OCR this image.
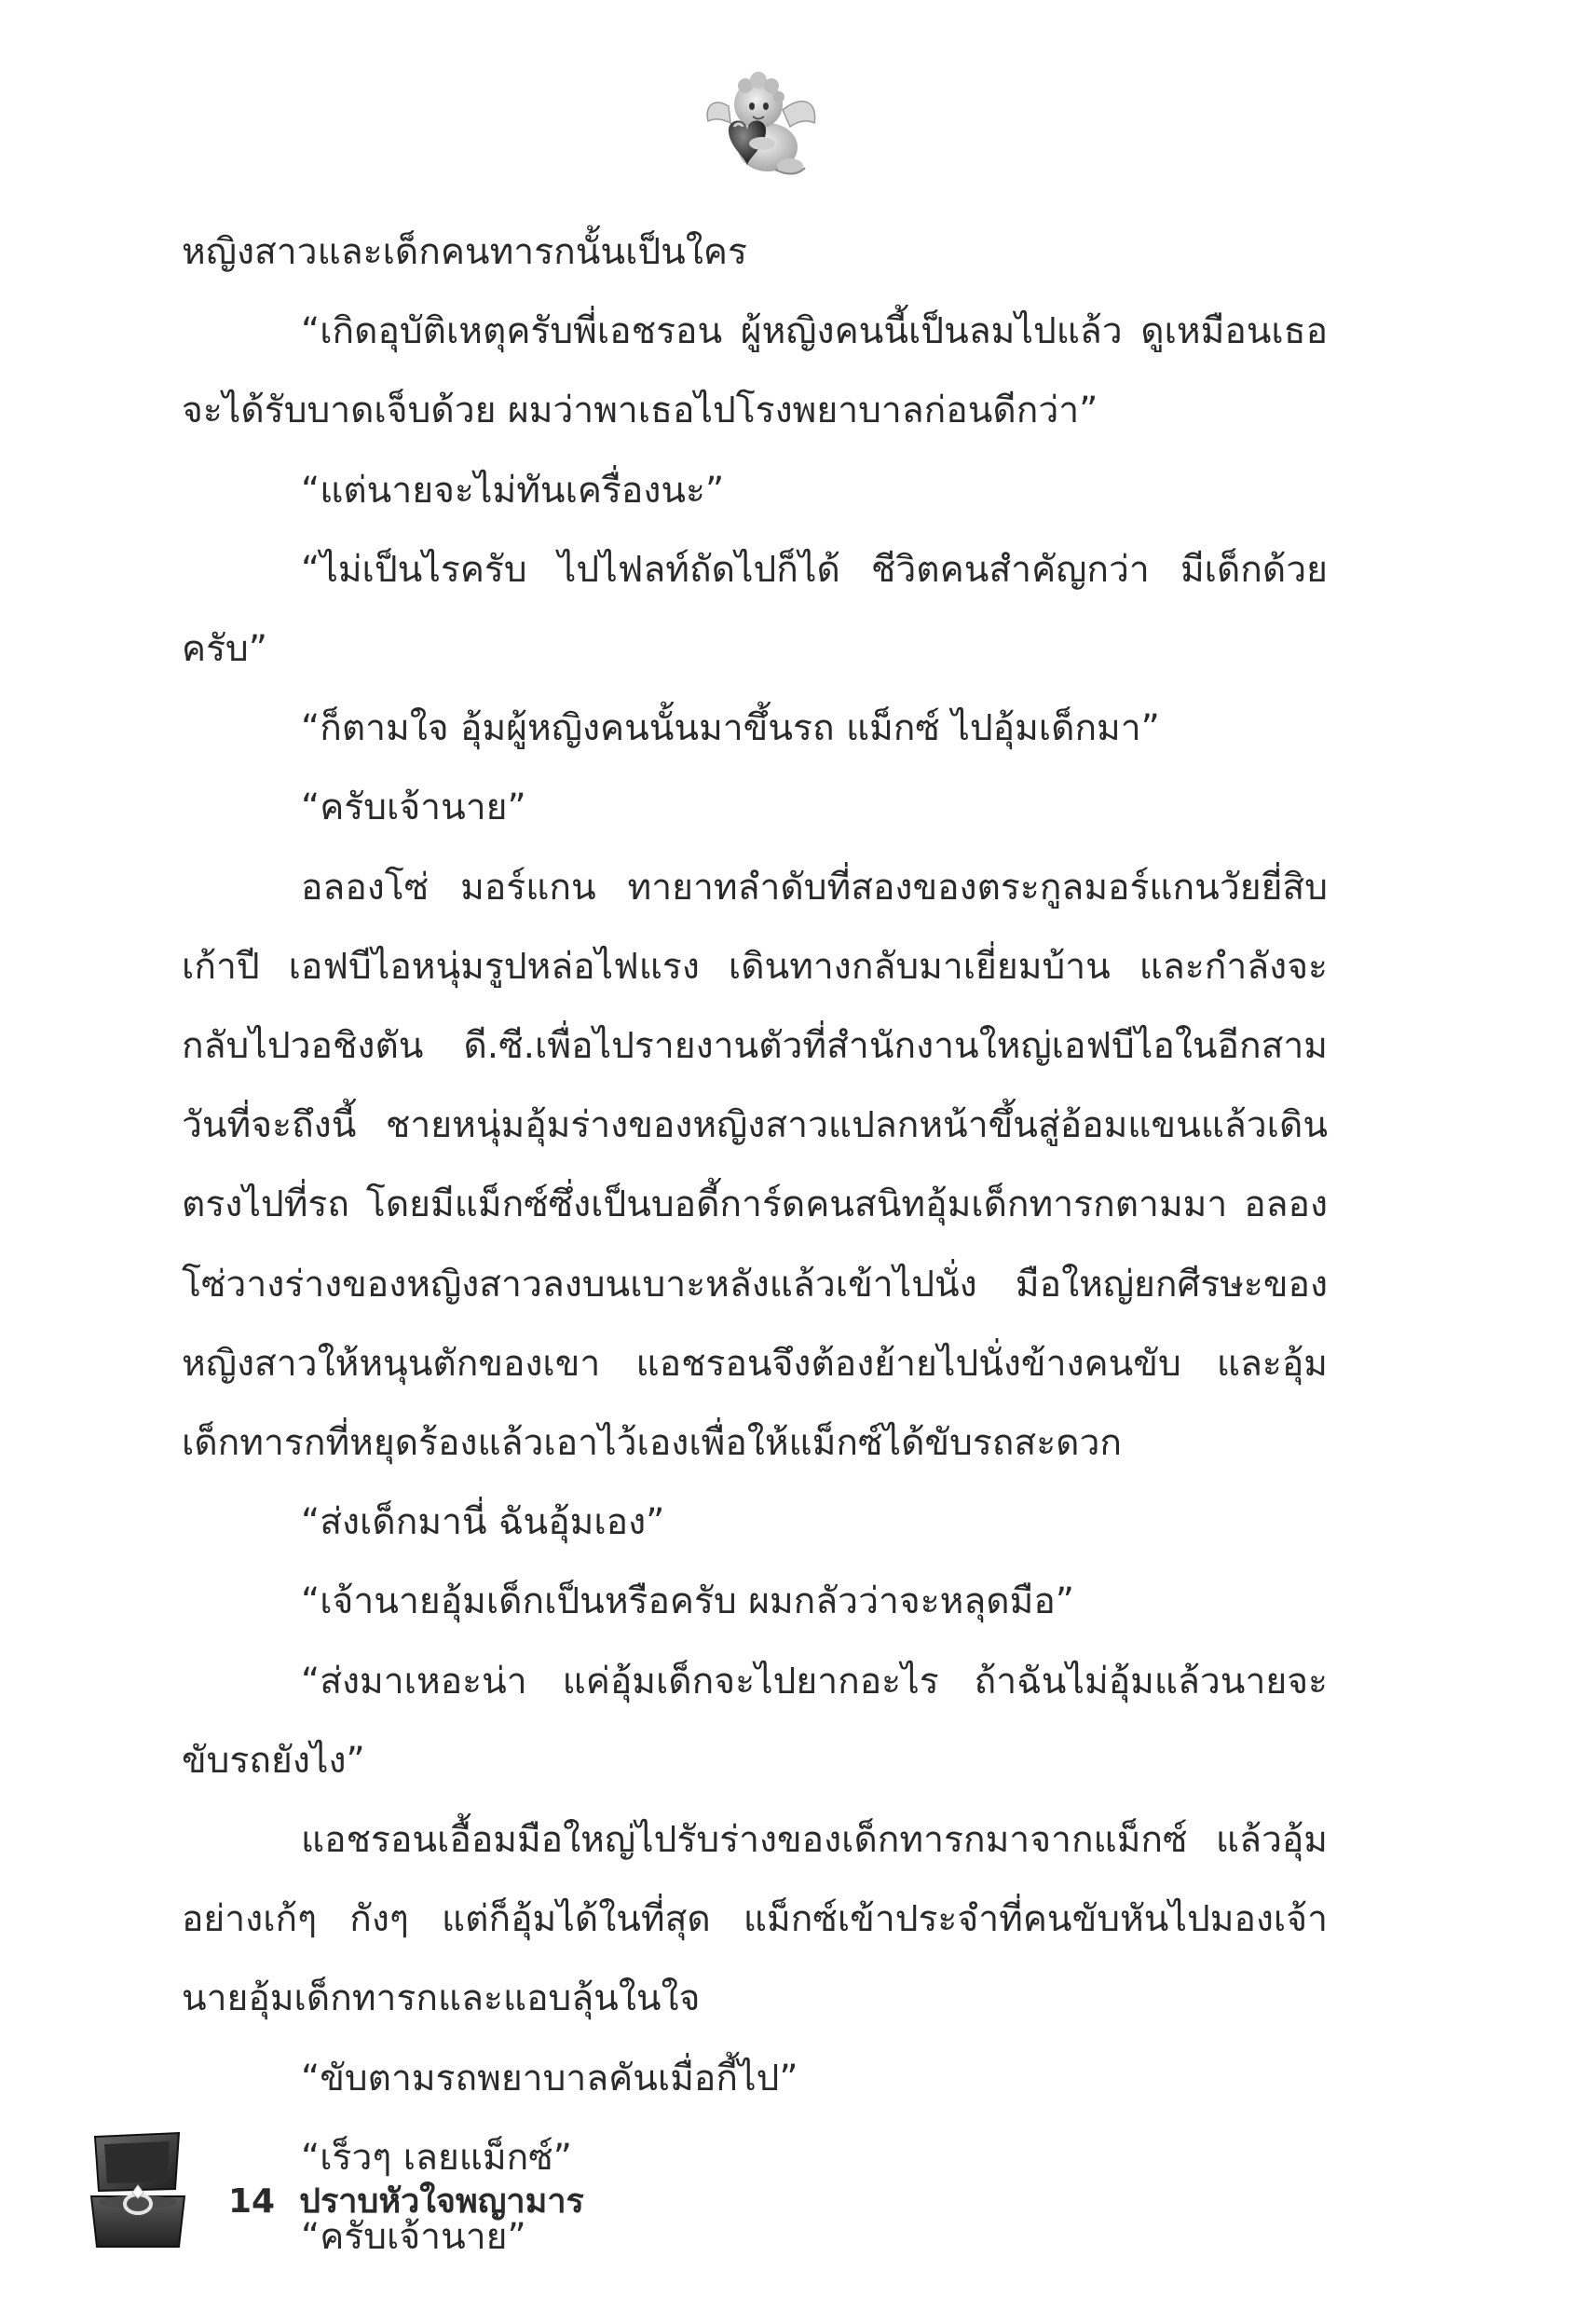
หญิงสาวและเด็กคนทารกนั้นเป็นใคร

“เกิดอุบัติเหตุครับพี่เอชรอน ผู้หญิงคนนี้เป็นลมไปแล้ว ดูเหมือนเธอจะได้รับบาดเจ็บด้วย ผมว่าพาเธอไปโรงพยาบาลก่อนดีกว่า”

“แต่นายจะไม่ทันเครื่องนะ”

“ไม่เป็นไรครับ ไปไฟลท์ถัดไปก็ได้ ชีวิตคนสำคัญกว่า มีเด็กด้วยครับ”

“ก็ตามใจ อุ้มผู้หญิงคนนั้นมาขึ้นรถ แม็กซ์ ไปอุ้มเด็กมา”

“ครับเจ้านาย”

อลองโซ่ มอร์แกน ทายาทลำดับที่สองของตระกูลมอร์แกนวัยยี่สิบเก้าปี เอฟบีไอหนุ่มรูปหล่อไฟแรง เดินทางกลับมาเยี่ยมบ้าน และกำลังจะกลับไปวอชิงตัน ดี.ซี.เพื่อไปรายงานตัวที่สำนักงานใหญ่เอฟบีไอในอีกสามวันที่จะถึงนี้ ชายหนุ่มอุ้มร่างของหญิงสาวแปลกหน้าขึ้นสู่อ้อมแขนแล้วเดินตรงไปที่รถ โดยมีแม็กซ์ซึ่งเป็นบอดี้การ์ดคนสนิทอุ้มเด็กทารกตามมา อลองโซ่วางร่างของหญิงสาวลงบนเบาะหลังแล้วเข้าไปนั่ง มือใหญ่ยกศีรษะของหญิงสาวให้หนุนตักของเขา แอชรอนจึงต้องย้ายไปนั่งข้างคนขับ และอุ้มเด็กทารกที่หยุดร้องแล้วเอาไว้เองเพื่อให้แม็กซ์ได้ขับรถสะดวก

“ส่งเด็กมานี่ ฉันอุ้มเอง”

“เจ้านายอุ้มเด็กเป็นหรือครับ ผมกลัวว่าจะหลุดมือ”

“ส่งมาเหอะน่า แค่อุ้มเด็กจะไปยากอะไร ถ้าฉันไม่อุ้มแล้วนายจะขับรถยังไง”

แอชรอนเอื้อมมือใหญ่ไปรับร่างของเด็กทารกมาจากแม็กซ์ แล้วอุ้มอย่างเก้ๆ กังๆ แต่ก็อุ้มได้ในที่สุด แม็กซ์เข้าประจำที่คนขับหันไปมองเจ้านายอุ้มเด็กทารกและแอบลุ้นในใจ

“ขับตามรถพยาบาลคันเมื่อกี้ไป”

“เร็วๆ เลยแม็กซ์”

“ครับเจ้านาย”

14 ปราบหัวใจพญามาร
